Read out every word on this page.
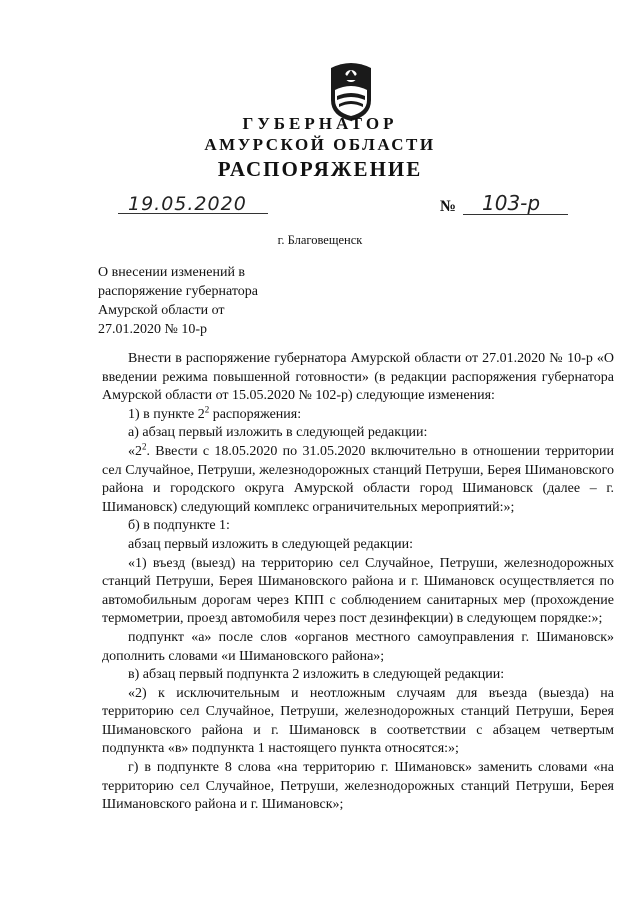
ГУБЕРНАТОР
АМУРСКОЙ ОБЛАСТИ
РАСПОРЯЖЕНИЕ
19.05.2020	№ 103-р
г. Благовещенск
О внесении изменений в
распоряжение губернатора
Амурской области от
27.01.2020 № 10-р

Внести в распоряжение губернатора Амурской области от 27.01.2020 № 10-р «О введении режима повышенной готовности» (в редакции распоряжения губернатора Амурской области от 15.05.2020 № 102-р) следующие изменения:

1) в пункте $2^2$ распоряжения:

а) абзац первый изложить в следующей редакции:

«$2^2$. Ввести с 18.05.2020 по 31.05.2020 включительно в отношении территории сел Случайное, Петруши, железнодорожных станций Петруши, Берея Шимановского района и городского округа Амурской области город Шимановск (далее – г. Шимановск) следующий комплекс ограничительных мероприятий:»;

б) в подпункте 1:

абзац первый изложить в следующей редакции:

«1) въезд (выезд) на территорию сел Случайное, Петруши, железнодорожных станций Петруши, Берея Шимановского района и г. Шимановск осуществляется по автомобильным дорогам через КПП с соблюдением санитарных мер (прохождение термометрии, проезд автомобиля через пост дезинфекции) в следующем порядке:»;

подпункт «а» после слов «органов местного самоуправления г. Шимановск» дополнить словами «и Шимановского района»;

в) абзац первый подпункта 2 изложить в следующей редакции:

«2) к исключительным и неотложным случаям для въезда (выезда) на территорию сел Случайное, Петруши, железнодорожных станций Петруши, Берея Шимановского района и г. Шимановск в соответствии с абзацем четвертым подпункта «в» подпункта 1 настоящего пункта относятся:»;

г) в подпункте 8 слова «на территорию г. Шимановск» заменить словами «на территорию сел Случайное, Петруши, железнодорожных станций Петруши, Берея Шимановского района и г. Шимановск»;
